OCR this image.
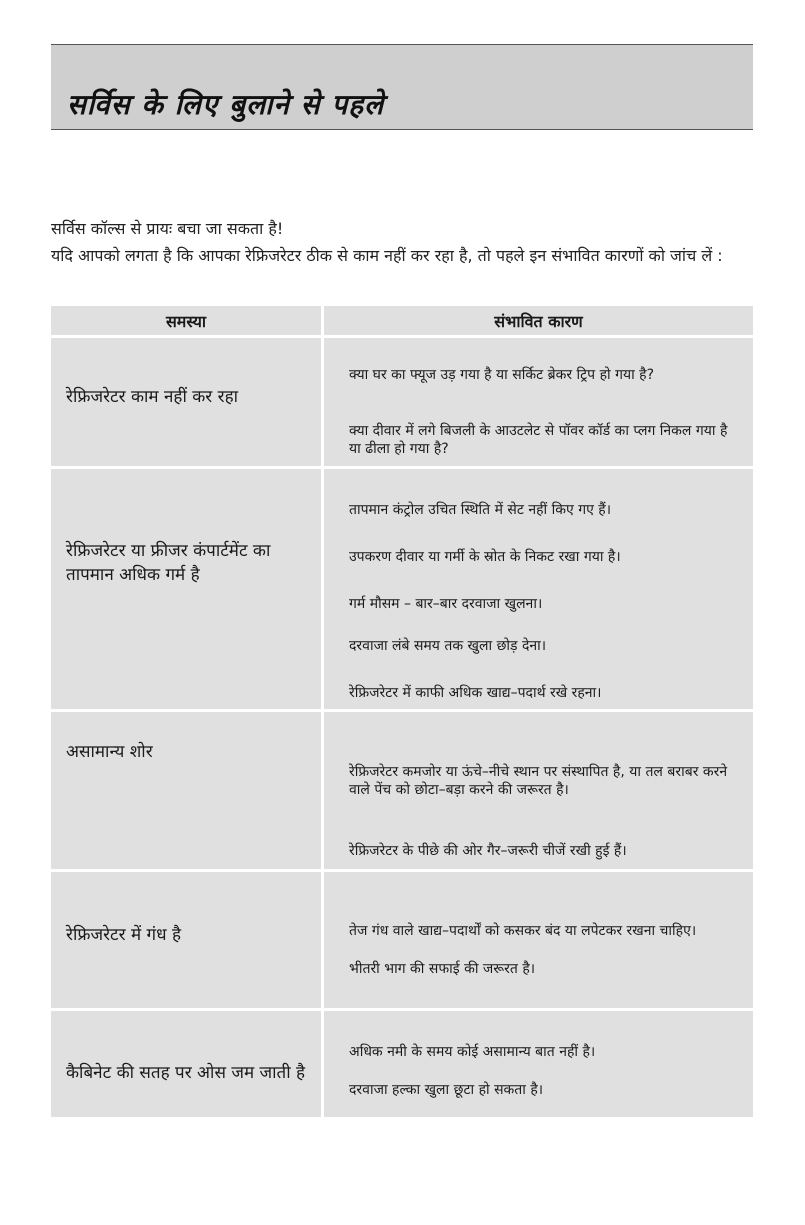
सर्विस के लिए बुलाने से पहले

सर्विस कॉल्स से प्रायः बचा जा सकता है!

यदि आपको लगता है कि आपका रेफ्रिजरेटर ठीक से काम नहीं कर रहा है, तो पहले इन संभावित कारणों को जांच लें :

समस्या	संभावित कारण

रेफ्रिजरेटर काम नहीं कर रहा	क्या घर का फ्यूज उड़ गया है या सर्किट ब्रेकर ट्रिप हो गया है?

क्या दीवार में लगे बिजली के आउटलेट से पॉवर कॉर्ड का प्लग निकल गया है या ढीला हो गया है?

रेफ्रिजरेटर या फ्रीजर कंपार्टमेंट का तापमान अधिक गर्म है	तापमान कंट्रोल उचित स्थिति में सेट नहीं किए गए हैं।

उपकरण दीवार या गर्मी के स्रोत के निकट रखा गया है।

गर्म मौसम – बार–बार दरवाजा खुलना।

दरवाजा लंबे समय तक खुला छोड़ देना।

रेफ्रिजरेटर में काफी अधिक खाद्य–पदार्थ रखे रहना।

असामान्य शोर	रेफ्रिजरेटर कमजोर या ऊंचे–नीचे स्थान पर संस्थापित है, या तल बराबर करने वाले पेंच को छोटा–बड़ा करने की जरूरत है।

रेफ्रिजरेटर के पीछे की ओर गैर–जरूरी चीजें रखी हुई हैं।

रेफ्रिजरेटर में गंध है	तेज गंध वाले खाद्य–पदार्थों को कसकर बंद या लपेटकर रखना चाहिए।

भीतरी भाग की सफाई की जरूरत है।

कैबिनेट की सतह पर ओस जम जाती है	अधिक नमी के समय कोई असामान्य बात नहीं है।

दरवाजा हल्का खुला छूटा हो सकता है।
